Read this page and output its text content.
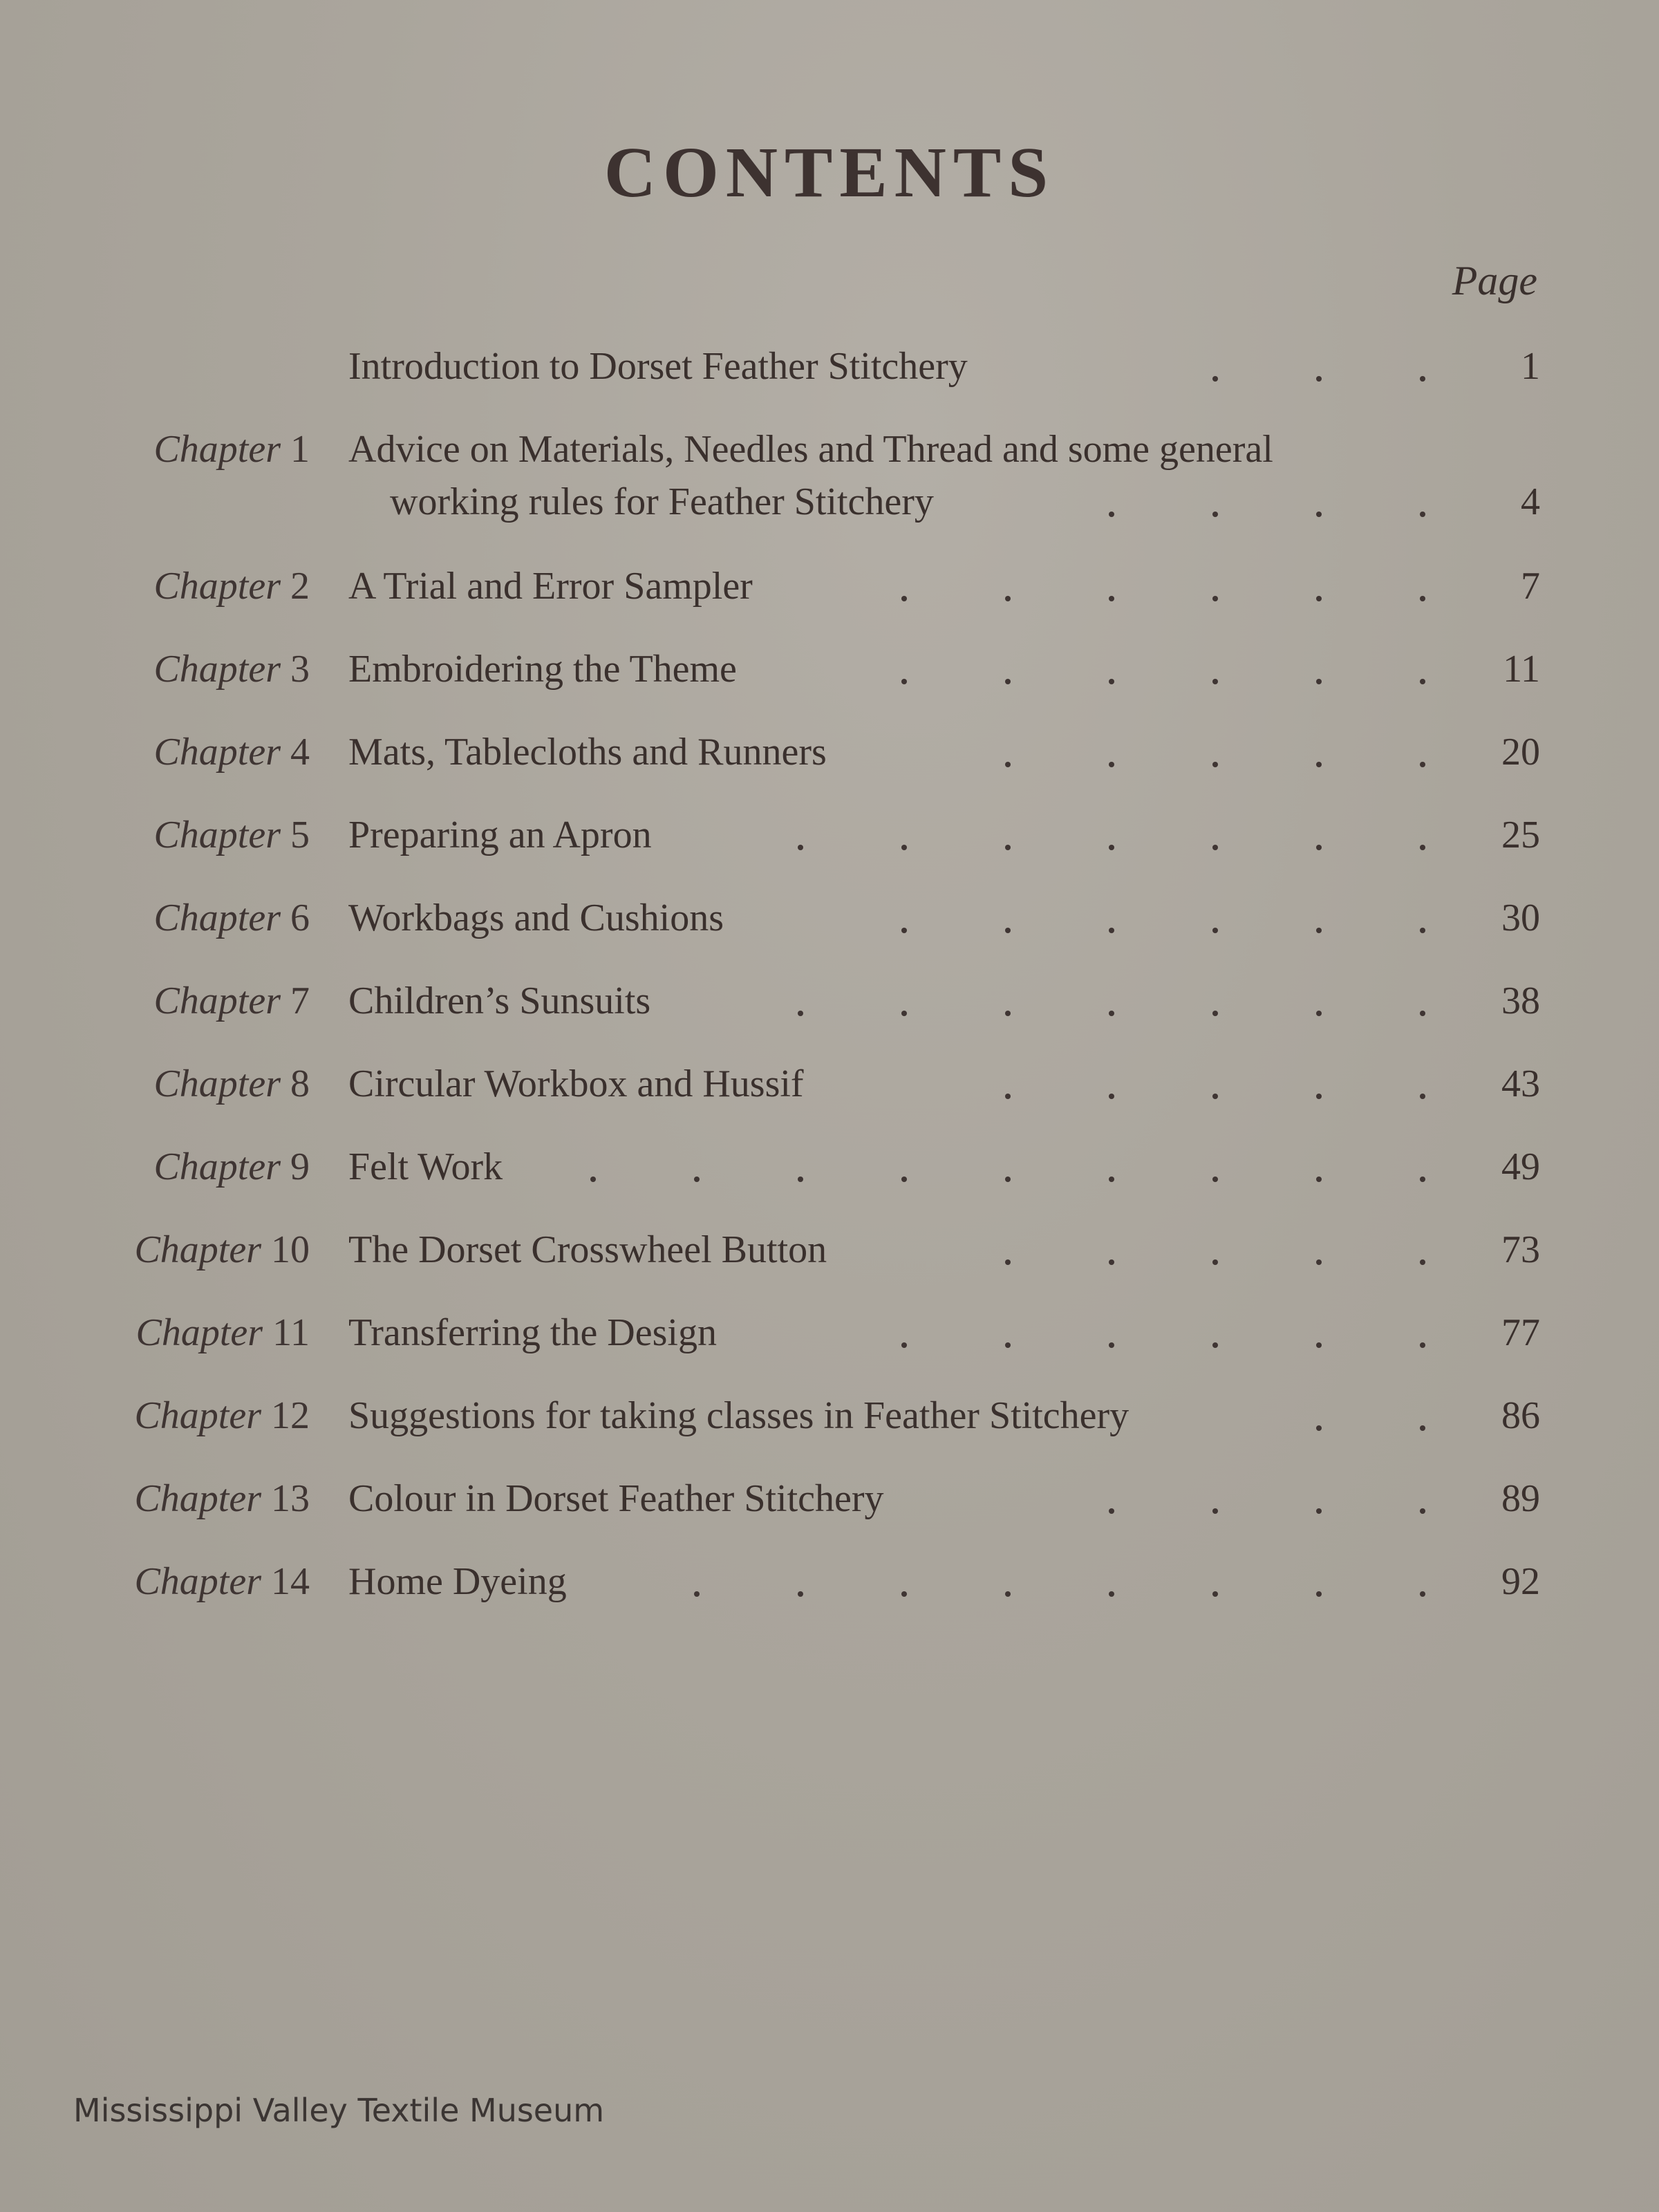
CONTENTS
Page
Introduction to Dorset Feather Stitchery	1
Chapter 1 Advice on Materials, Needles and Thread and some general
working rules for Feather Stitchery	4
Chapter 2 A Trial and Error Sampler	7
Chapter 3 Embroidering the Theme	11
Chapter 4 Mats, Tablecloths and Runners	20
Chapter 5 Preparing an Apron	25
Chapter 6 Workbags and Cushions	30
Chapter 7 Children’s Sunsuits	38
Chapter 8 Circular Workbox and Hussif	43
Chapter 9 Felt Work	49
Chapter 10 The Dorset Crosswheel Button	73
Chapter 11 Transferring the Design	77
Chapter 12 Suggestions for taking classes in Feather Stitchery	86
Chapter 13 Colour in Dorset Feather Stitchery	89
Chapter 14 Home Dyeing	92
Mississippi Valley Textile Museum
